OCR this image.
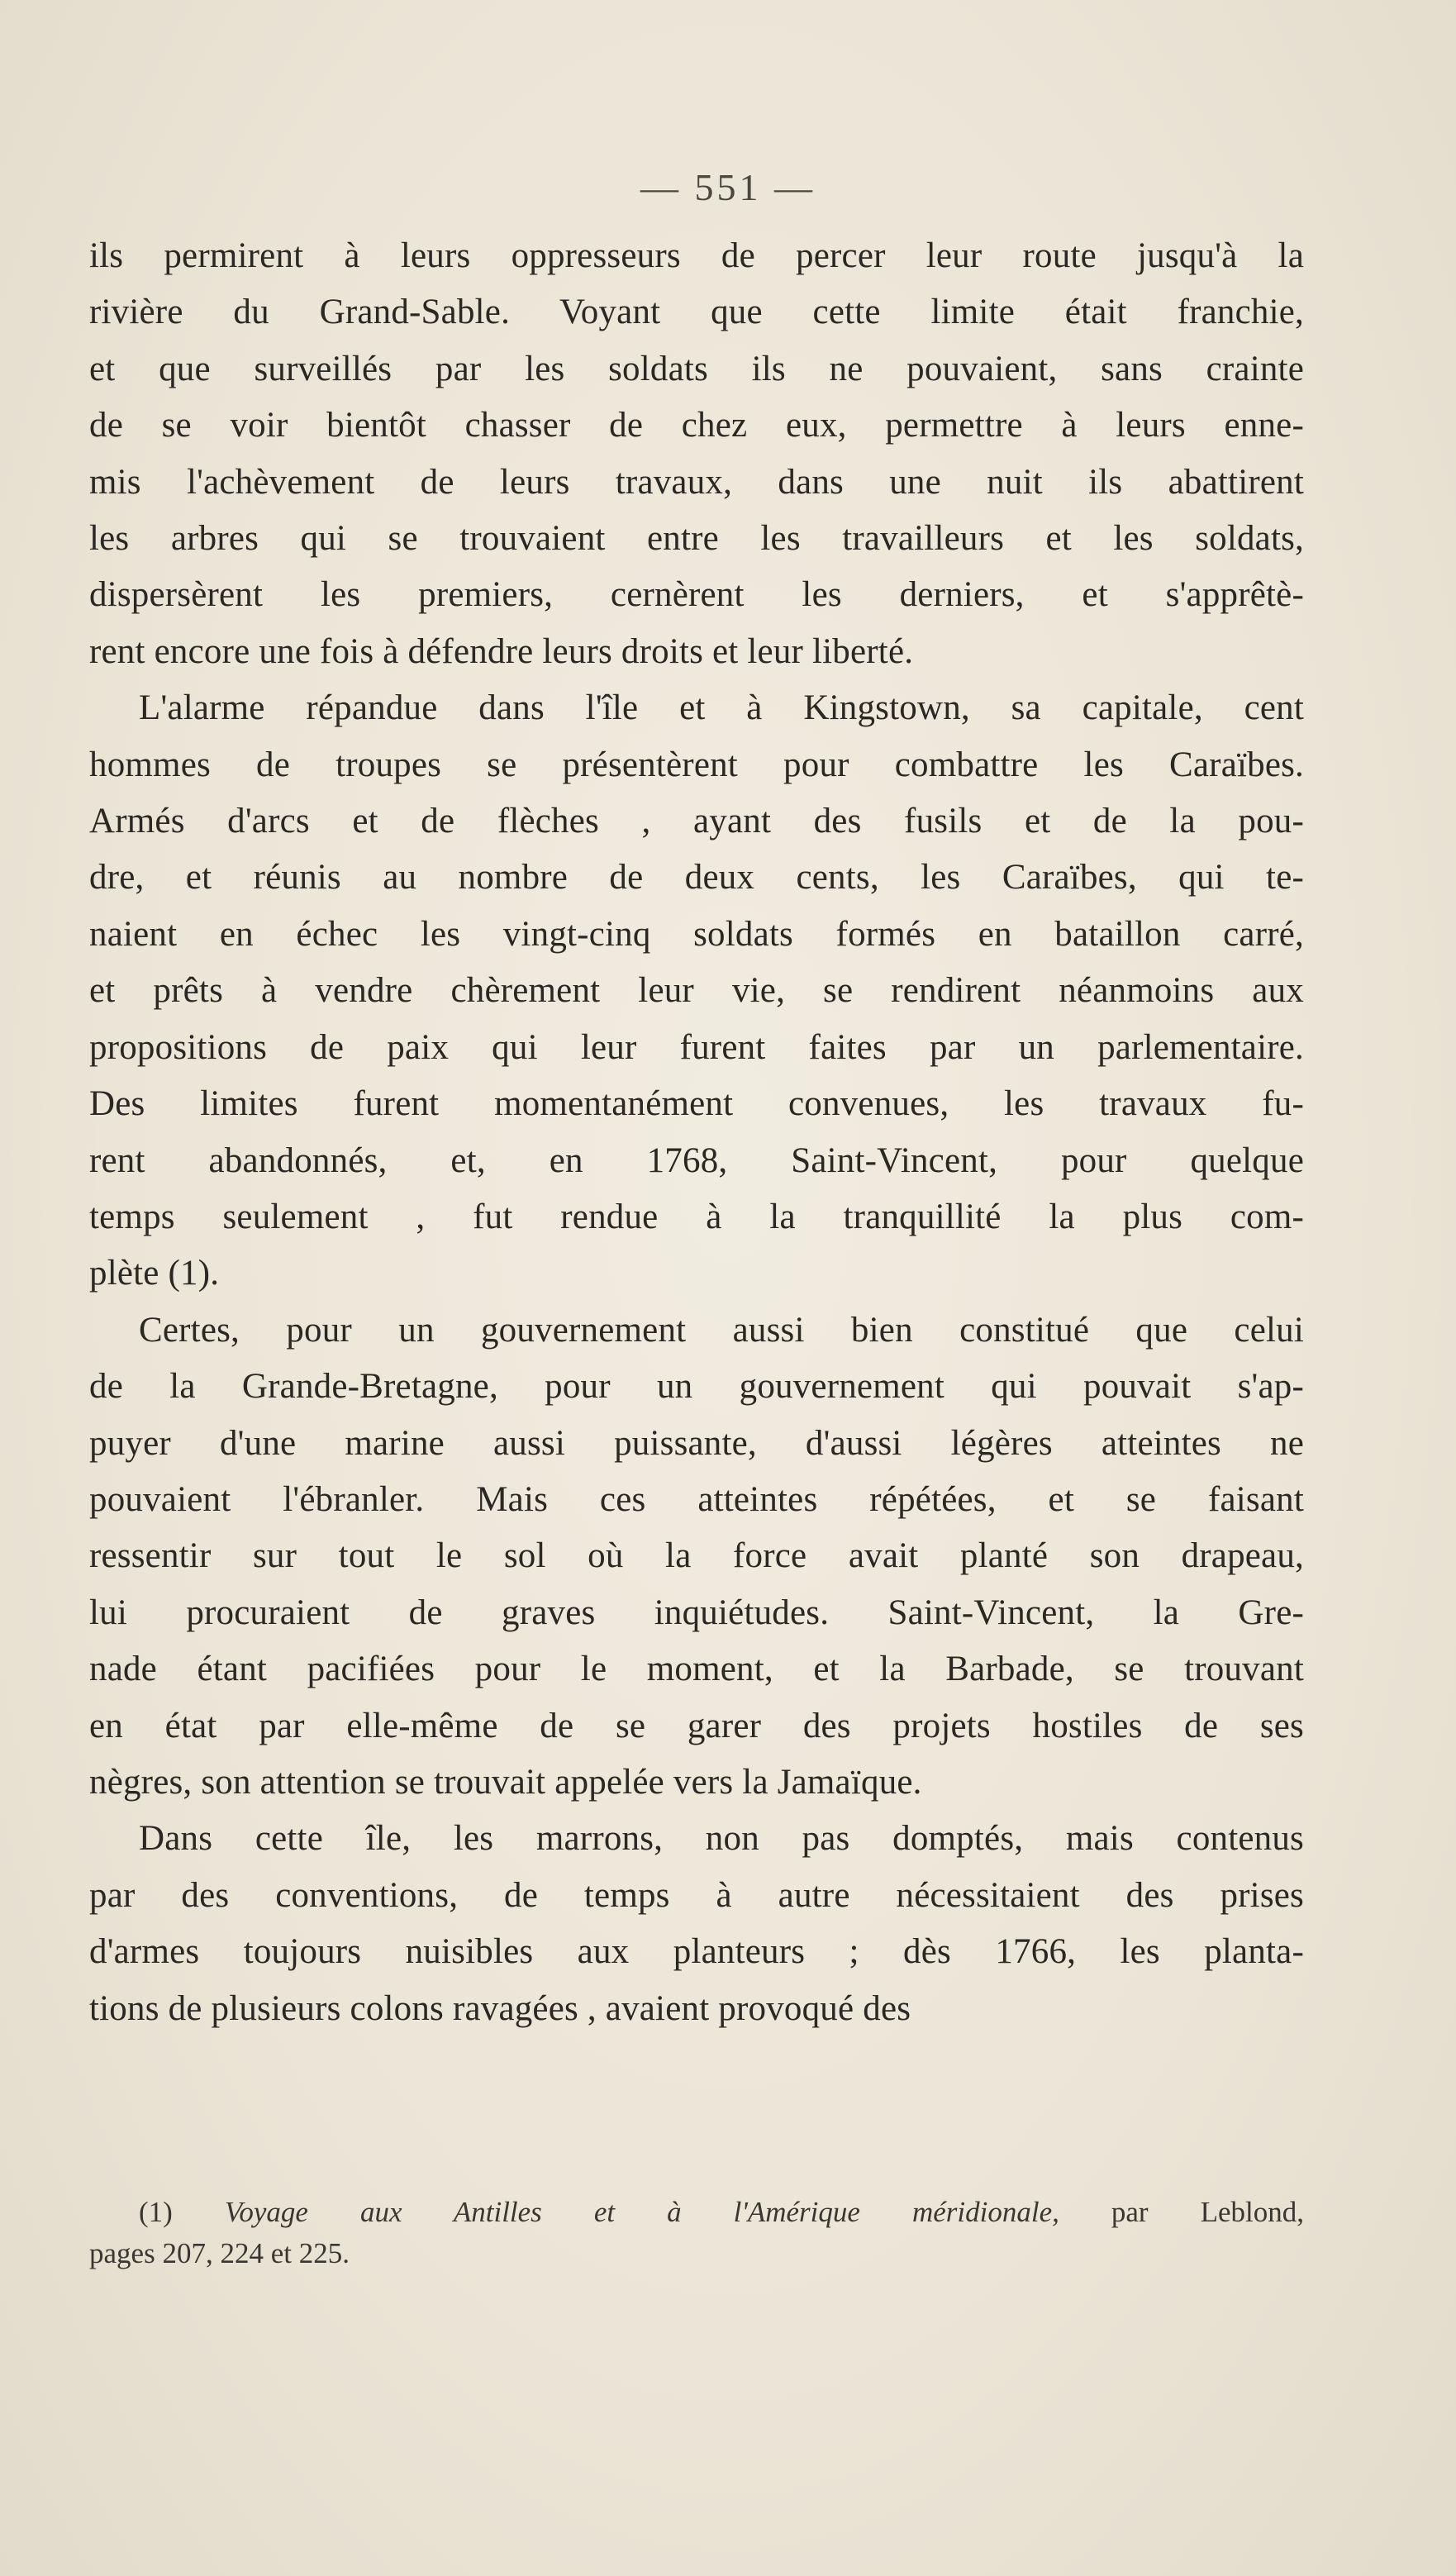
— 551 —
ils permirent à leurs oppresseurs de percer leur route jusqu'à la
rivière du Grand-Sable. Voyant que cette limite était franchie,
et que surveillés par les soldats ils ne pouvaient, sans crainte
de se voir bientôt chasser de chez eux, permettre à leurs enne-
mis l'achèvement de leurs travaux, dans une nuit ils abattirent
les arbres qui se trouvaient entre les travailleurs et les soldats,
dispersèrent les premiers, cernèrent les derniers, et s'apprêtè-
rent encore une fois à défendre leurs droits et leur liberté.
L'alarme répandue dans l'île et à Kingstown, sa capitale, cent
hommes de troupes se présentèrent pour combattre les Caraïbes.
Armés d'arcs et de flèches , ayant des fusils et de la pou-
dre, et réunis au nombre de deux cents, les Caraïbes, qui te-
naient en échec les vingt-cinq soldats formés en bataillon carré,
et prêts à vendre chèrement leur vie, se rendirent néanmoins aux
propositions de paix qui leur furent faites par un parlementaire.
Des limites furent momentanément convenues, les travaux fu-
rent abandonnés, et, en 1768, Saint-Vincent, pour quelque
temps seulement , fut rendue à la tranquillité la plus com-
plète (1).
Certes, pour un gouvernement aussi bien constitué que celui
de la Grande-Bretagne, pour un gouvernement qui pouvait s'ap-
puyer d'une marine aussi puissante, d'aussi légères atteintes ne
pouvaient l'ébranler. Mais ces atteintes répétées, et se faisant
ressentir sur tout le sol où la force avait planté son drapeau,
lui procuraient de graves inquiétudes. Saint-Vincent, la Gre-
nade étant pacifiées pour le moment, et la Barbade, se trouvant
en état par elle-même de se garer des projets hostiles de ses
nègres, son attention se trouvait appelée vers la Jamaïque.
Dans cette île, les marrons, non pas domptés, mais contenus
par des conventions, de temps à autre nécessitaient des prises
d'armes toujours nuisibles aux planteurs ; dès 1766, les planta-
tions de plusieurs colons ravagées , avaient provoqué des
(1) Voyage aux Antilles et à l'Amérique méridionale, par Leblond,
pages 207, 224 et 225.
